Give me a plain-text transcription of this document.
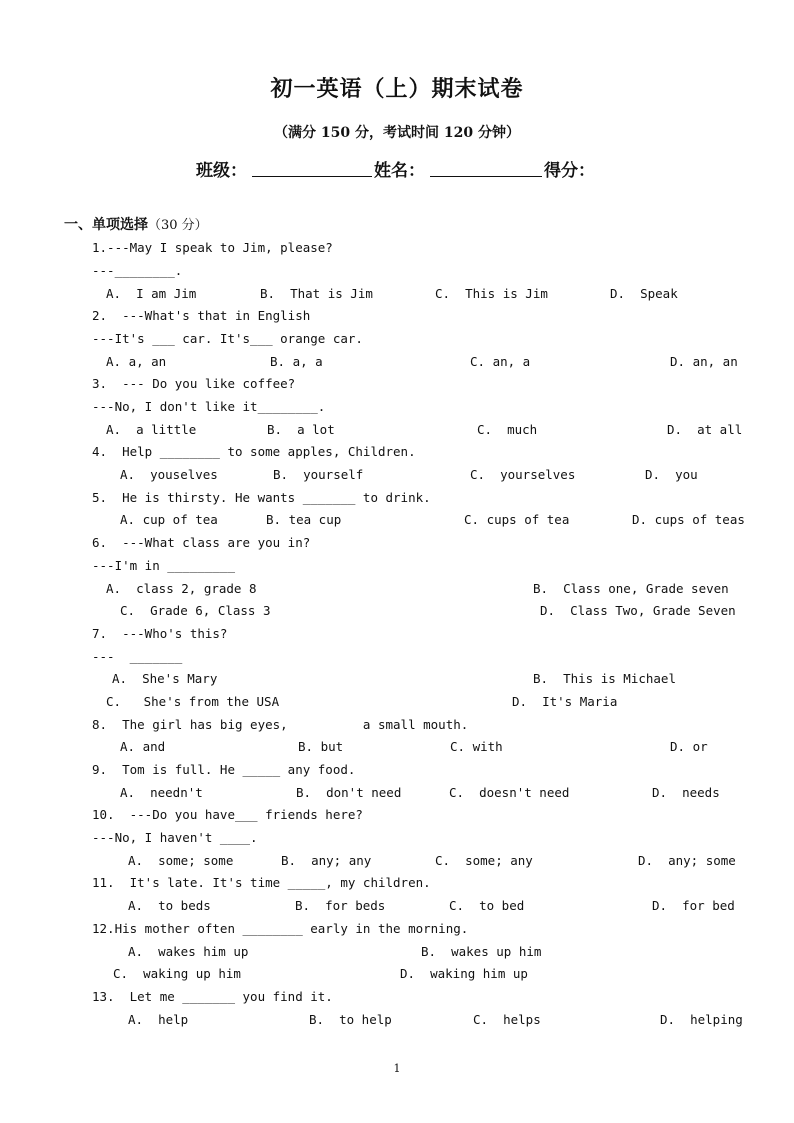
初一英语（上）期末试卷
（满分 150 分，考试时间 120 分钟）
班级：	姓名：	得分：
一、单项选择（30 分）
1.---May I speak to Jim, please?
---________.
A.  I am Jim	B.  That is Jim	C.  This is Jim	D.  Speak
2.  ---What's that in English
---It's ___ car. It's___ orange car.
A. a, an	B. a, a	C. an, a	D. an, an
3.  --- Do you like coffee?
---No, I don't like it________.
A.  a little	B.  a lot	C.  much	D.  at all
4.  Help ________ to some apples, Children.
A.  youselves	B.  yourself	C.  yourselves	D.  you
5.  He is thirsty. He wants _______ to drink.
A. cup of tea	B. tea cup	C. cups of tea	D. cups of teas
6.  ---What class are you in?
---I'm in _________
A.  class 2, grade 8	B.  Class one, Grade seven
C.  Grade 6, Class 3	D.  Class Two, Grade Seven
7.  ---Who's this?
---  _______
A.  She's Mary	B.  This is Michael
C.   She's from the USA	D.  It's Maria
8.  The girl has big eyes,          a small mouth.
A. and	B. but	C. with	D. or
9.  Tom is full. He _____ any food.
A.  needn't	B.  don't need	C.  doesn't need	D.  needs
10.  ---Do you have___ friends here?
---No, I haven't ____.
A.  some; some	B.  any; any	C.  some; any	D.  any; some
11.  It's late. It's time _____, my children.
A.  to beds	B.  for beds	C.  to bed	D.  for bed
12.His mother often ________ early in the morning.
A.  wakes him up	B.  wakes up him
C.  waking up him	D.  waking him up
13.  Let me _______ you find it.
A.  help	B.  to help	C.  helps	D.  helping
1
